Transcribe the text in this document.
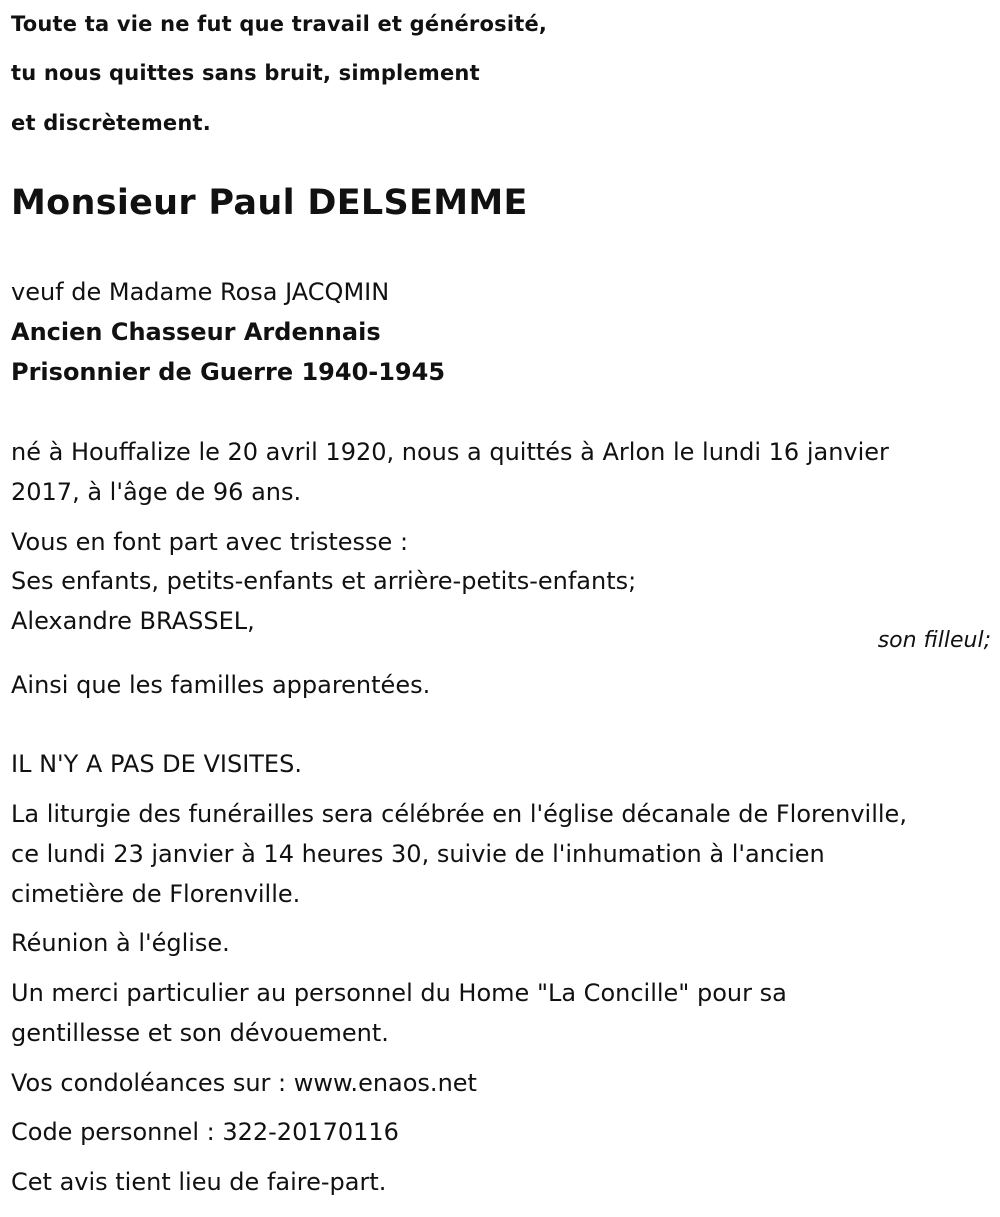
Toute ta vie ne fut que travail et générosité,
tu nous quittes sans bruit, simplement
et discrètement.
Monsieur Paul DELSEMME
veuf de Madame Rosa JACQMIN
Ancien Chasseur Ardennais
Prisonnier de Guerre 1940-1945
né à Houffalize le 20 avril 1920, nous a quittés à Arlon le lundi 16 janvier
2017, à l'âge de 96 ans.
Vous en font part avec tristesse :
Ses enfants, petits-enfants et arrière-petits-enfants;
Alexandre BRASSEL,
son filleul;
Ainsi que les familles apparentées.
IL N'Y A PAS DE VISITES.
La liturgie des funérailles sera célébrée en l'église décanale de Florenville,
ce lundi 23 janvier à 14 heures 30, suivie de l'inhumation à l'ancien
cimetière de Florenville.
Réunion à l'église.
Un merci particulier au personnel du Home "La Concille" pour sa
gentillesse et son dévouement.
Vos condoléances sur : www.enaos.net
Code personnel : 322-20170116
Cet avis tient lieu de faire-part.
